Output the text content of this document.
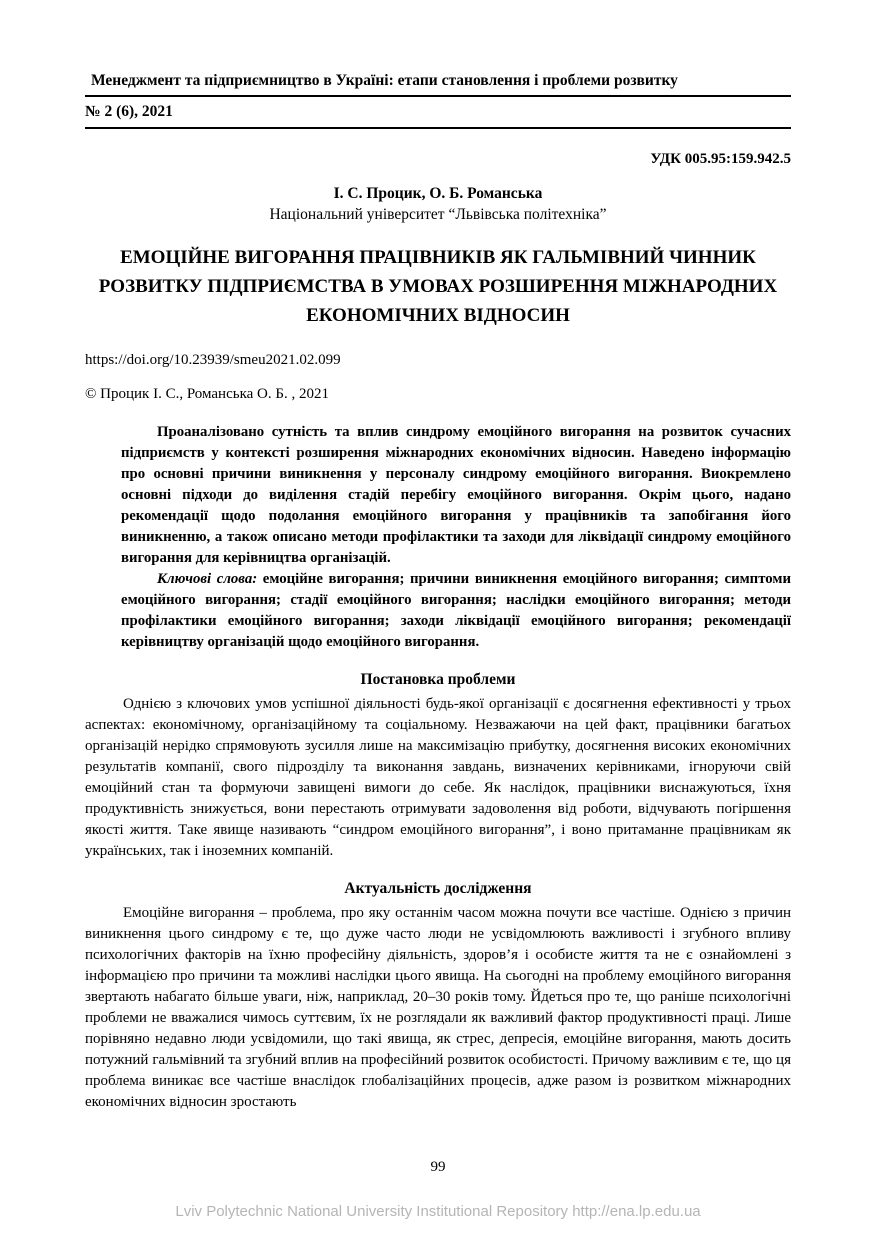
Менеджмент та підприємництво в Україні: етапи становлення і проблеми розвитку
№ 2 (6), 2021
УДК 005.95:159.942.5
І. С. Процик, О. Б. Романська
Національний університет “Львівська політехніка”
ЕМОЦІЙНЕ ВИГОРАННЯ ПРАЦІВНИКІВ ЯК ГАЛЬМІВНИЙ ЧИННИК РОЗВИТКУ ПІДПРИЄМСТВА В УМОВАХ РОЗШИРЕННЯ МІЖНАРОДНИХ ЕКОНОМІЧНИХ ВІДНОСИН
https://doi.org/10.23939/smeu2021.02.099
© Процик І. С., Романська О. Б. , 2021

Проаналізовано сутність та вплив синдрому емоційного вигорання на розвиток сучасних підприємств у контексті розширення міжнародних економічних відносин. Наведено інформацію про основні причини виникнення у персоналу синдрому емоційного вигорання. Виокремлено основні підходи до виділення стадій перебігу емоційного вигорання. Окрім цього, надано рекомендації щодо подолання емоційного вигорання у працівників та запобігання його виникненню, а також описано методи профілактики та заходи для ліквідації синдрому емоційного вигорання для керівництва організацій.

Ключові слова: емоційне вигорання; причини виникнення емоційного вигорання; симптоми емоційного вигорання; стадії емоційного вигорання; наслідки емоційного вигорання; методи профілактики емоційного вигорання; заходи ліквідації емоційного вигорання; рекомендації керівництву організацій щодо емоційного вигорання.

Постановка проблеми

Однією з ключових умов успішної діяльності будь-якої організації є досягнення ефективності у трьох аспектах: економічному, організаційному та соціальному. Незважаючи на цей факт, працівники багатьох організацій нерідко спрямовують зусилля лише на максимізацію прибутку, досягнення високих економічних результатів компанії, свого підрозділу та виконання завдань, визначених керівниками, ігноруючи свій емоційний стан та формуючи завищені вимоги до себе. Як наслідок, працівники виснажуються, їхня продуктивність знижується, вони перестають отримувати задоволення від роботи, відчувають погіршення якості життя. Таке явище називають “синдром емоційного вигорання”, і воно притаманне працівникам як українських, так і іноземних компаній.

Актуальність дослідження

Емоційне вигорання – проблема, про яку останнім часом можна почути все частіше. Однією з причин виникнення цього синдрому є те, що дуже часто люди не усвідомлюють важливості і згубного впливу психологічних факторів на їхню професійну діяльність, здоров’я і особисте життя та не є ознайомлені з інформацією про причини та можливі наслідки цього явища. На сьогодні на проблему емоційного вигорання звертають набагато більше уваги, ніж, наприклад, 20–30 років тому. Йдеться про те, що раніше психологічні проблеми не вважалися чимось суттєвим, їх не розглядали як важливий фактор продуктивності праці. Лише порівняно недавно люди усвідомили, що такі явища, як стрес, депресія, емоційне вигорання, мають досить потужний гальмівний та згубний вплив на професійний розвиток особистості. Причому важливим є те, що ця проблема виникає все частіше внаслідок глобалізаційних процесів, адже разом із розвитком міжнародних економічних відносин зростають

99
Lviv Polytechnic National University Institutional Repository http://ena.lp.edu.ua
